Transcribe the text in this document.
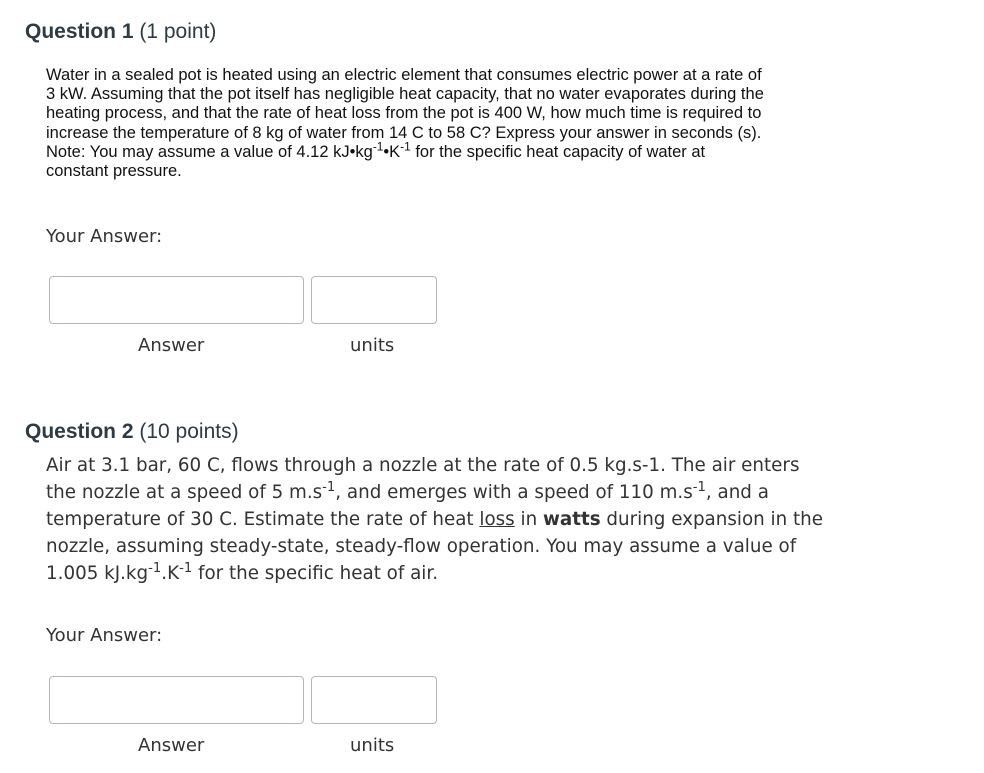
Question 1 (1 point)
Water in a sealed pot is heated using an electric element that consumes electric power at a rate of
3 kW. Assuming that the pot itself has negligible heat capacity, that no water evaporates during the
heating process, and that the rate of heat loss from the pot is 400 W, how much time is required to
increase the temperature of 8 kg of water from 14 C to 58 C? Express your answer in seconds (s).
Note: You may assume a value of 4.12 $kJ•kg^{-1}•K^{-1}$ for the specific heat capacity of water at
constant pressure.
Your Answer:
Answer	units
Question 2 (10 points)
Air at 3.1 bar, 60 C, flows through a nozzle at the rate of 0.5 kg.s-1. The air enters
the nozzle at a speed of 5 $m.s^{-1}$, and emerges with a speed of 110 $m.s^{-1}$, and a
temperature of 30 C. Estimate the rate of heat loss in watts during expansion in the
nozzle, assuming steady-state, steady-flow operation. You may assume a value of
1.005 $kJ.kg^{-1}.K^{-1}$ for the specific heat of air.
Your Answer:
Answer	units
